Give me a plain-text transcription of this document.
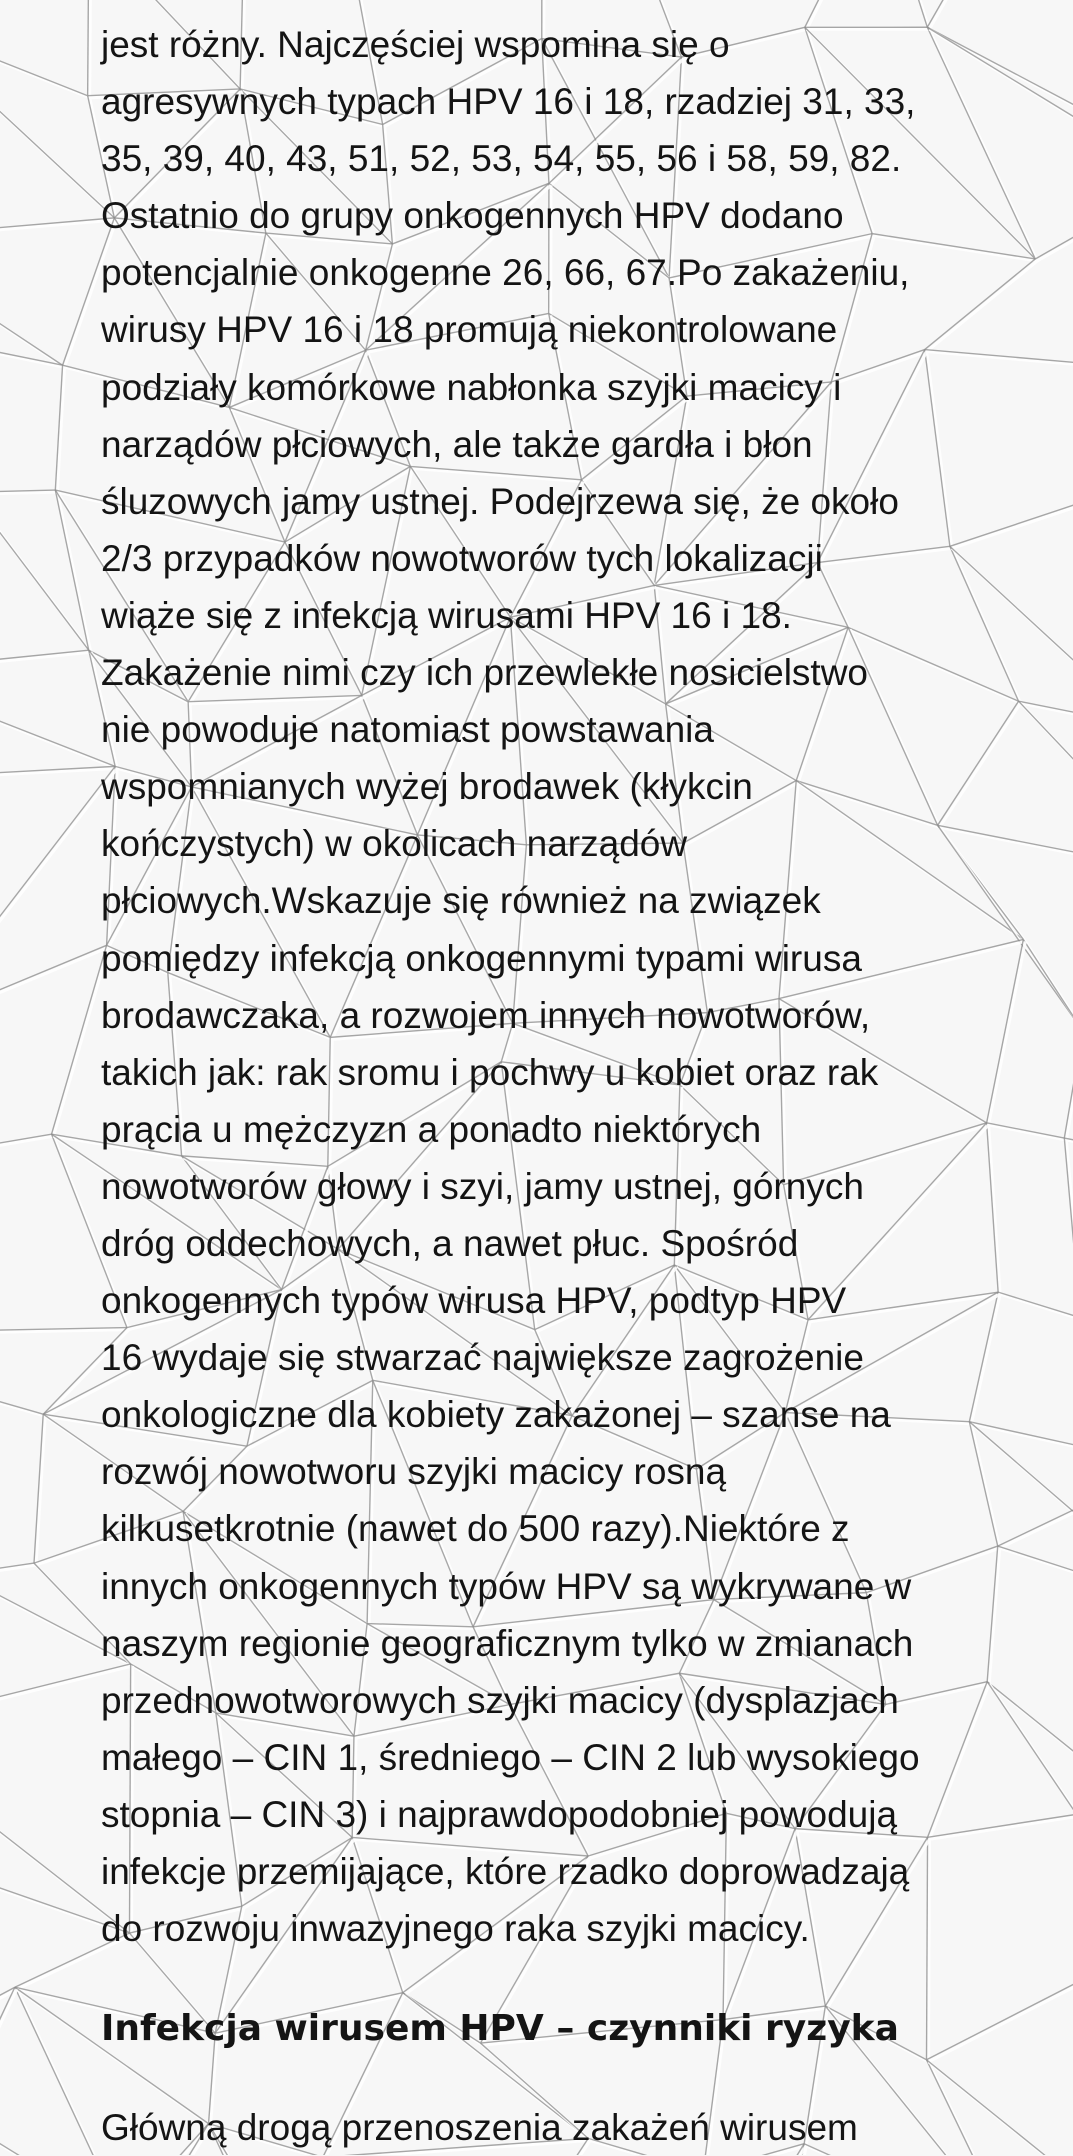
jest różny. Najczęściej wspomina się o

agresywnych typach HPV 16 i 18, rzadziej 31, 33,

35, 39, 40, 43, 51, 52, 53, 54, 55, 56 i 58, 59, 82.

Ostatnio do grupy onkogennych HPV dodano

potencjalnie onkogenne 26, 66, 67.Po zakażeniu,

wirusy HPV 16 i 18 promują niekontrolowane

podziały komórkowe nabłonka szyjki macicy i

narządów płciowych, ale także gardła i błon

śluzowych jamy ustnej. Podejrzewa się, że około

2/3 przypadków nowotworów tych lokalizacji

wiąże się z infekcją wirusami HPV 16 i 18.

Zakażenie nimi czy ich przewlekłe nosicielstwo

nie powoduje natomiast powstawania

wspomnianych wyżej brodawek (kłykcin

kończystych) w okolicach narządów

płciowych.Wskazuje się również na związek

pomiędzy infekcją onkogennymi typami wirusa

brodawczaka, a rozwojem innych nowotworów,

takich jak: rak sromu i pochwy u kobiet oraz rak

prącia u mężczyzn a ponadto niektórych

nowotworów głowy i szyi, jamy ustnej, górnych

dróg oddechowych, a nawet płuc. Spośród

onkogennych typów wirusa HPV, podtyp HPV

16 wydaje się stwarzać największe zagrożenie

onkologiczne dla kobiety zakażonej – szanse na

rozwój nowotworu szyjki macicy rosną

kilkusetkrotnie (nawet do 500 razy).Niektóre z

innych onkogennych typów HPV są wykrywane w

naszym regionie geograficznym tylko w zmianach

przednowotworowych szyjki macicy (dysplazjach

małego – CIN 1, średniego – CIN 2 lub wysokiego

stopnia – CIN 3) i najprawdopodobniej powodują

infekcje przemijające, które rzadko doprowadzają

do rozwoju inwazyjnego raka szyjki macicy.

Infekcja wirusem HPV – czynniki ryzyka

Główną drogą przenoszenia zakażeń wirusem
